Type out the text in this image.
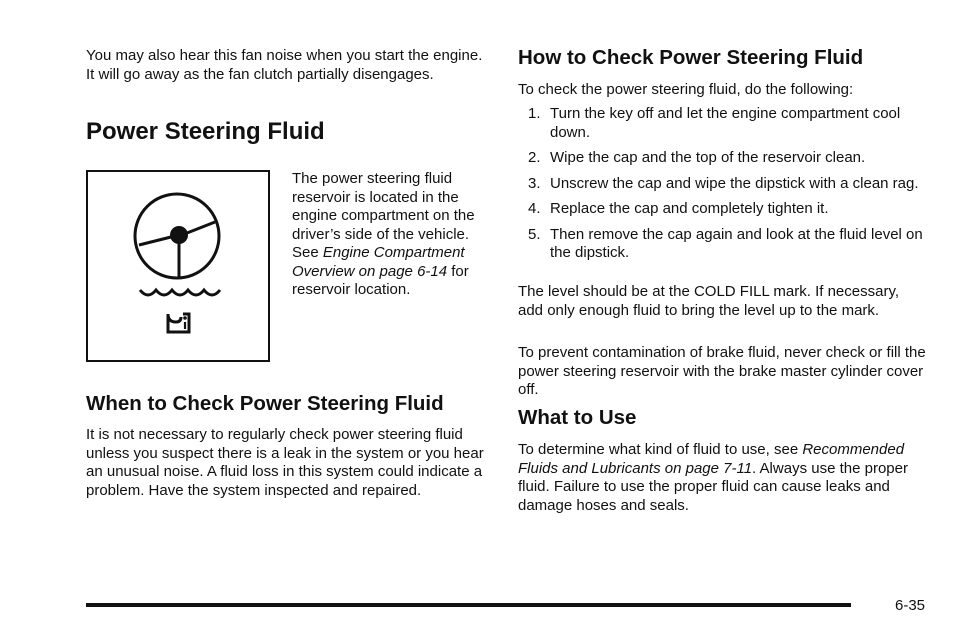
You may also hear this fan noise when you start the engine. It will go away as the fan clutch partially disengages.

Power Steering Fluid

The power steering fluid reservoir is located in the engine compartment on the driver’s side of the vehicle. See Engine Compartment Overview on page 6-14 for reservoir location.

When to Check Power Steering Fluid

It is not necessary to regularly check power steering fluid unless you suspect there is a leak in the system or you hear an unusual noise. A fluid loss in this system could indicate a problem. Have the system inspected and repaired.

How to Check Power Steering Fluid

To check the power steering fluid, do the following:

1. Turn the key off and let the engine compartment cool down.
2. Wipe the cap and the top of the reservoir clean.
3. Unscrew the cap and wipe the dipstick with a clean rag.
4. Replace the cap and completely tighten it.
5. Then remove the cap again and look at the fluid level on the dipstick.

The level should be at the COLD FILL mark. If necessary, add only enough fluid to bring the level up to the mark.

To prevent contamination of brake fluid, never check or fill the power steering reservoir with the brake master cylinder cover off.

What to Use

To determine what kind of fluid to use, see Recommended Fluids and Lubricants on page 7-11. Always use the proper fluid. Failure to use the proper fluid can cause leaks and damage hoses and seals.

6-35
